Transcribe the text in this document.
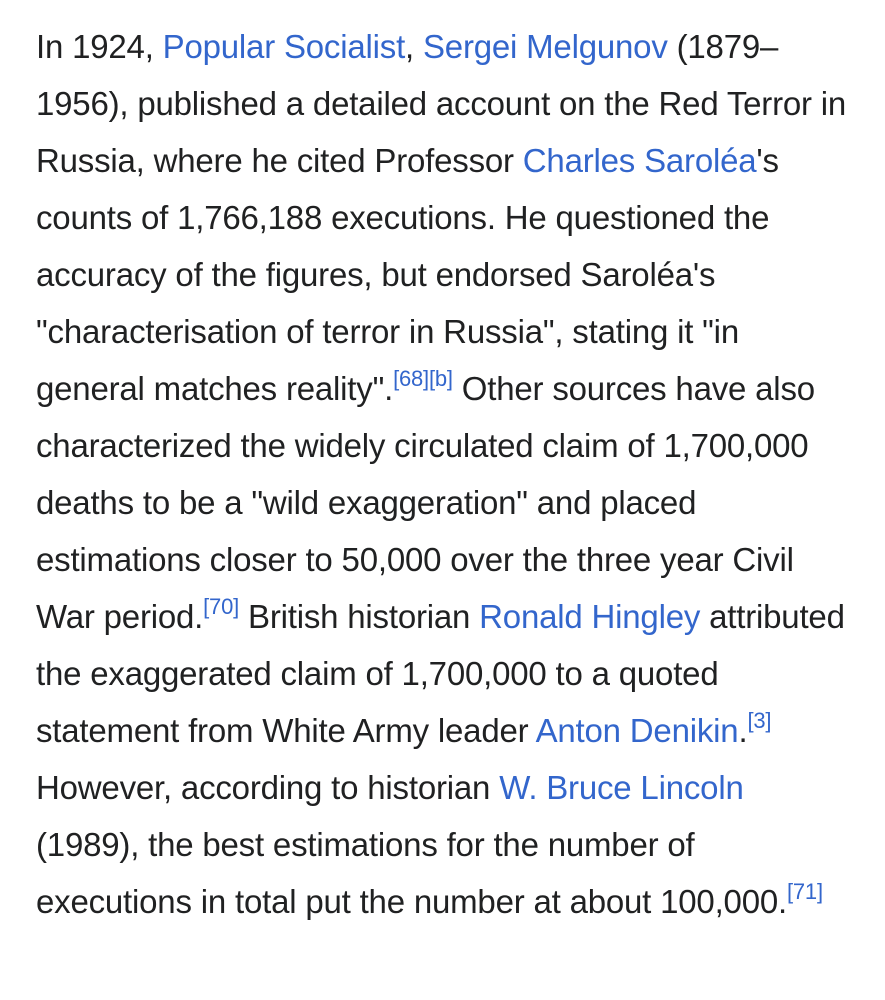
In 1924, Popular Socialist, Sergei Melgunov (1879–1956), published a detailed account on the Red Terror in Russia, where he cited Professor Charles Saroléa's counts of 1,766,188 executions. He questioned the accuracy of the figures, but endorsed Saroléa's "characterisation of terror in Russia", stating it "in general matches reality".[68][b] Other sources have also characterized the widely circulated claim of 1,700,000 deaths to be a "wild exaggeration" and placed estimations closer to 50,000 over the three year Civil War period.[70] British historian Ronald Hingley attributed the exaggerated claim of 1,700,000 to a quoted statement from White Army leader Anton Denikin.[3] However, according to historian W. Bruce Lincoln (1989), the best estimations for the number of executions in total put the number at about 100,000.[71]
